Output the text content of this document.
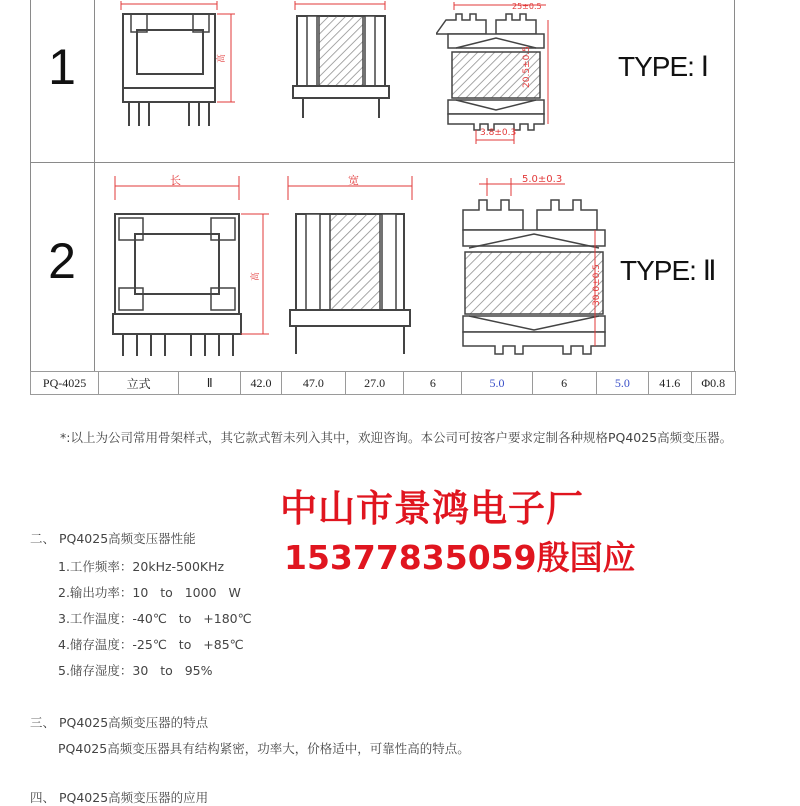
1	高
25±0.5
20.5±0.5
3.8±0.3
TYPE: Ⅰ
2
长
高
宽	5.0±0.3
30.0±0.5 TYPE: Ⅱ
PQ-4025	立式	Ⅱ	42.0	47.0	27.0	6	5.0	6	5.0	41.6	Φ0.8
*:以上为公司常用骨架样式，其它款式暂未列入其中，欢迎咨询。本公司可按客户要求定制各种规格PQ4025高频变压器。
中山市景鸿电子厂
15377835059殷国应
二、 PQ4025高频变压器性能
1.工作频率：20kHz-500KHz
2.输出功率：10   to   1000   W
3.工作温度：-40℃   to   +180℃
4.储存温度：-25℃   to   +85℃
5.储存湿度：30   to   95%
三、 PQ4025高频变压器的特点
PQ4025高频变压器具有结构紧密，功率大，价格适中，可靠性高的特点。
四、 PQ4025高频变压器的应用
